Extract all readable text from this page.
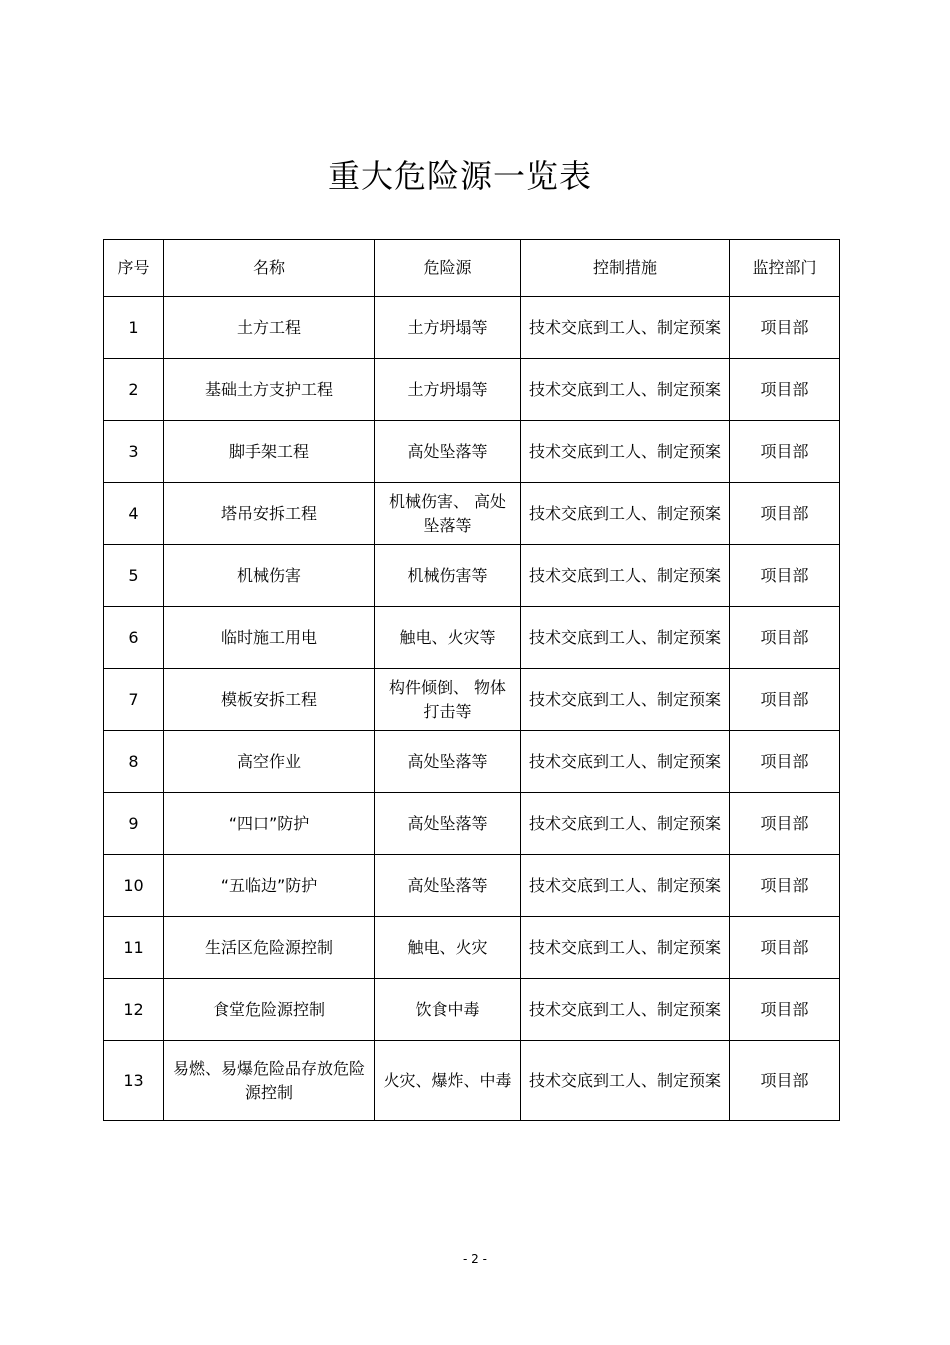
重大危险源一览表
序号	名称	危险源	控制措施	监控部门
1	土方工程	土方坍塌等	技术交底到工人、制定预案	项目部
2	基础土方支护工程	土方坍塌等	技术交底到工人、制定预案	项目部
3	脚手架工程	高处坠落等	技术交底到工人、制定预案	项目部
4	塔吊安拆工程	机械伤害、 高处坠落等	技术交底到工人、制定预案	项目部
5	机械伤害	机械伤害等	技术交底到工人、制定预案	项目部
6	临时施工用电	触电、火灾等	技术交底到工人、制定预案	项目部
7	模板安拆工程	构件倾倒、 物体打击等	技术交底到工人、制定预案	项目部
8	高空作业	高处坠落等	技术交底到工人、制定预案	项目部
9	“四口”防护	高处坠落等	技术交底到工人、制定预案	项目部
10	“五临边”防护	高处坠落等	技术交底到工人、制定预案	项目部
11	生活区危险源控制	触电、火灾	技术交底到工人、制定预案	项目部
12	食堂危险源控制	饮食中毒	技术交底到工人、制定预案	项目部
13	易燃、易爆危险品存放危险源控制	火灾、爆炸、中毒	技术交底到工人、制定预案	项目部
- 2 -
